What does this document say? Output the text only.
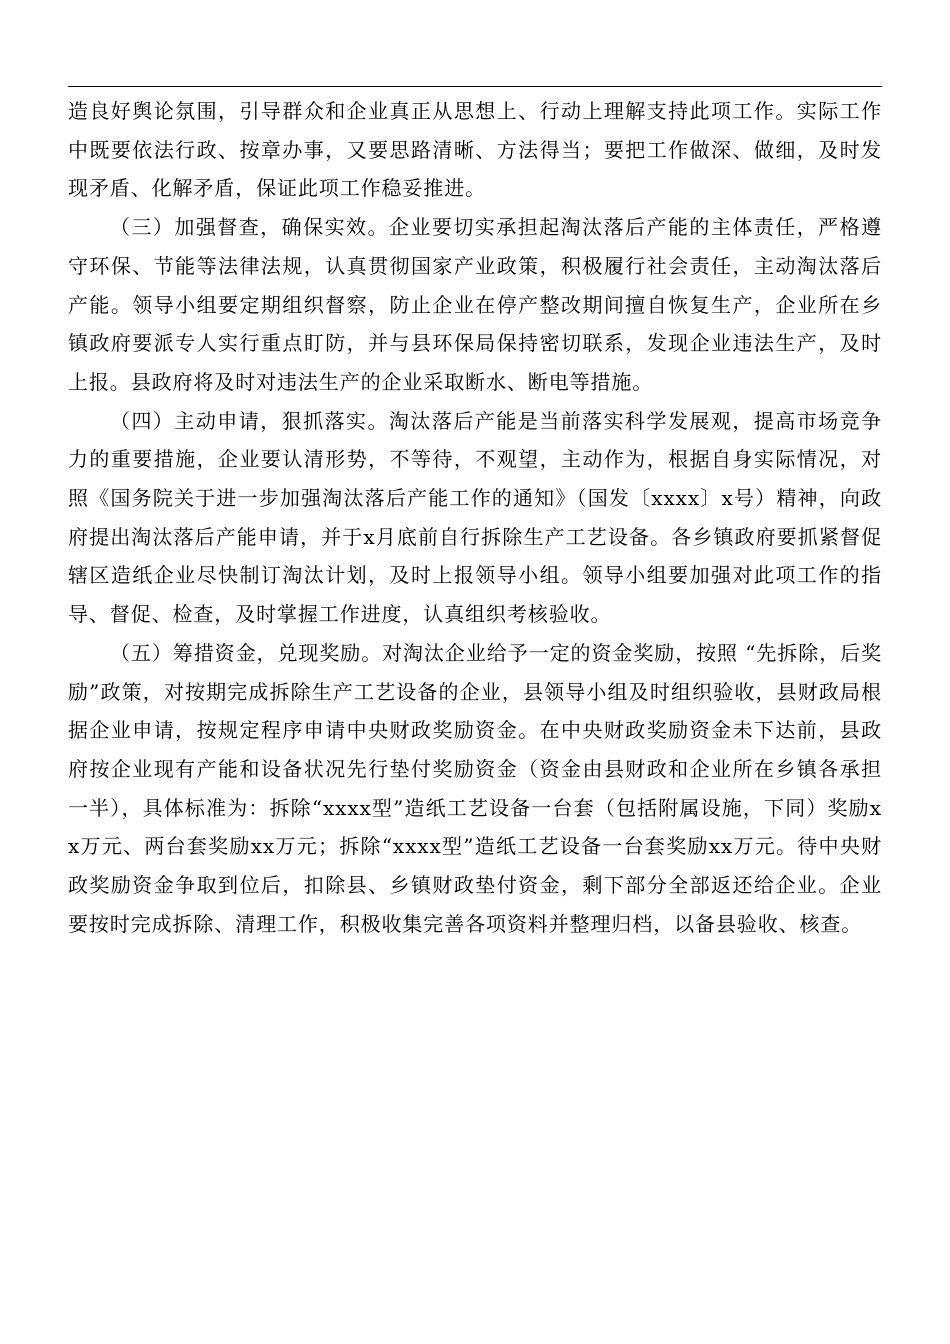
造良好舆论氛围，引导群众和企业真正从思想上、行动上理解支持此项工作。实际工作中既要依法行政、按章办事，又要思路清晰、方法得当；要把工作做深、做细，及时发现矛盾、化解矛盾，保证此项工作稳妥推进。

（三）加强督查，确保实效。企业要切实承担起淘汰落后产能的主体责任，严格遵守环保、节能等法律法规，认真贯彻国家产业政策，积极履行社会责任，主动淘汰落后产能。领导小组要定期组织督察，防止企业在停产整改期间擅自恢复生产，企业所在乡镇政府要派专人实行重点盯防，并与县环保局保持密切联系，发现企业违法生产，及时上报。县政府将及时对违法生产的企业采取断水、断电等措施。

（四）主动申请，狠抓落实。淘汰落后产能是当前落实科学发展观，提高市场竞争力的重要措施，企业要认清形势，不等待，不观望，主动作为，根据自身实际情况，对照《国务院关于进一步加强淘汰落后产能工作的通知》（国发〔xxxx〕x号）精神，向政府提出淘汰落后产能申请，并于x月底前自行拆除生产工艺设备。各乡镇政府要抓紧督促辖区造纸企业尽快制订淘汰计划，及时上报领导小组。领导小组要加强对此项工作的指导、督促、检查，及时掌握工作进度，认真组织考核验收。

（五）筹措资金，兑现奖励。对淘汰企业给予一定的资金奖励，按照 “先拆除，后奖励”政策，对按期完成拆除生产工艺设备的企业，县领导小组及时组织验收，县财政局根据企业申请，按规定程序申请中央财政奖励资金。在中央财政奖励资金未下达前，县政府按企业现有产能和设备状况先行垫付奖励资金（资金由县财政和企业所在乡镇各承担一半），具体标准为：拆除“xxxx型”造纸工艺设备一台套（包括附属设施，下同）奖励xx万元、两台套奖励xx万元；拆除“xxxx型”造纸工艺设备一台套奖励xx万元。待中央财政奖励资金争取到位后，扣除县、乡镇财政垫付资金，剩下部分全部返还给企业。企业要按时完成拆除、清理工作，积极收集完善各项资料并整理归档，以备县验收、核查。
